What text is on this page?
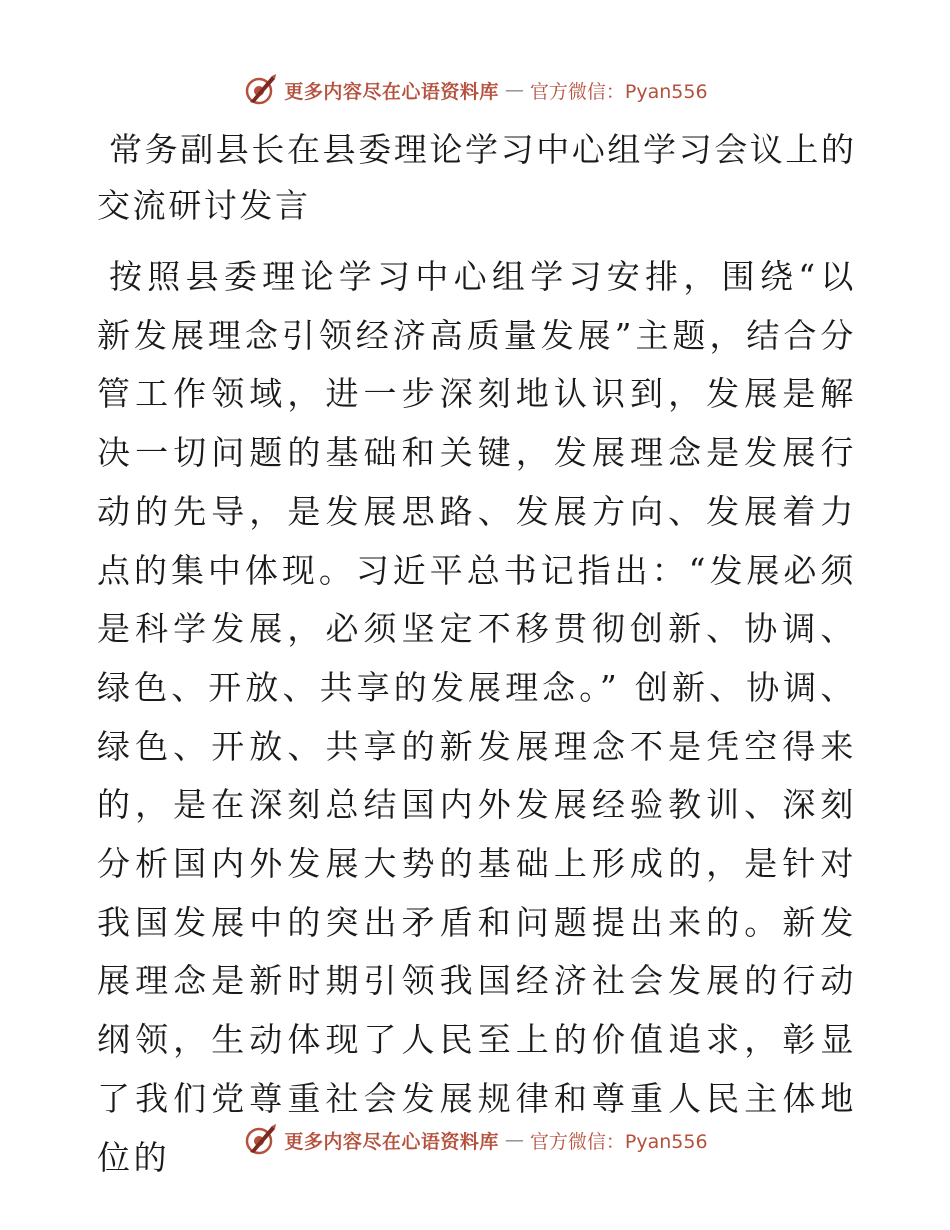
更多内容尽在心语资料库 — 官方微信：Pyan556
常务副县长在县委理论学习中心组学习会议上的交流研讨发言

按照县委理论学习中心组学习安排，围绕“以新发展理念引领经济高质量发展”主题，结合分管工作领域，进一步深刻地认识到，发展是解决一切问题的基础和关键，发展理念是发展行动的先导，是发展思路、发展方向、发展着力点的集中体现。习近平总书记指出：“发展必须是科学发展，必须坚定不移贯彻创新、协调、绿色、开放、共享的发展理念。” 创新、协调、绿色、开放、共享的新发展理念不是凭空得来的，是在深刻总结国内外发展经验教训、深刻分析国内外发展大势的基础上形成的，是针对我国发展中的突出矛盾和问题提出来的。新发展理念是新时期引领我国经济社会发展的行动纲领，生动体现了人民至上的价值追求，彰显了我们党尊重社会发展规律和尊重人民主体地位的	更多内容尽在心语资料库 — 官方微信：Pyan556
